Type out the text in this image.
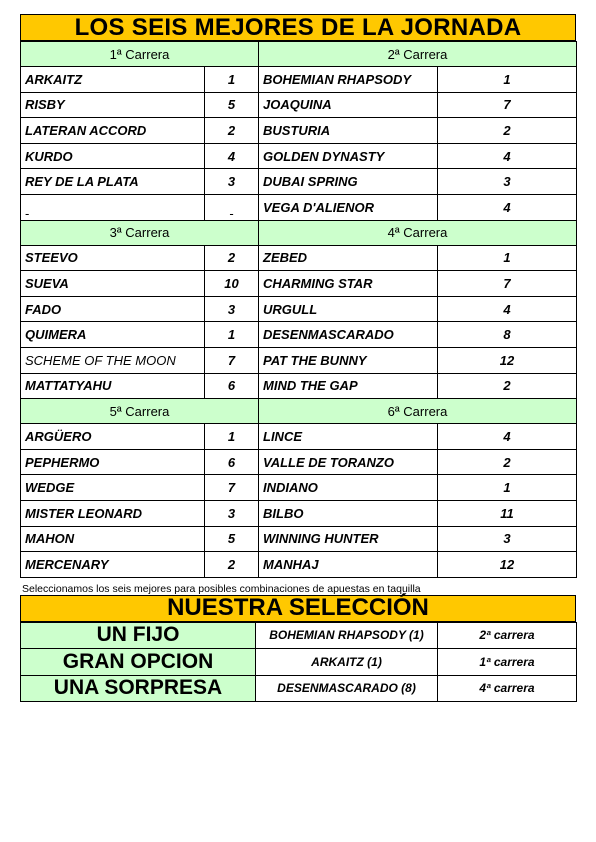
LOS SEIS MEJORES DE LA JORNADA
1ª Carrera		2ª Carrera	
ARKAITZ	1	BOHEMIAN RHAPSODY	1
RISBY	5	JOAQUINA	7
LATERAN ACCORD	2	BUSTURIA	2
KURDO	4	GOLDEN DYNASTY	4
REY DE LA PLATA	3	DUBAI SPRING	3
-	-	VEGA D'ALIENOR	4
3ª Carrera		4ª Carrera	
STEEVO	2	ZEBED	1
SUEVA	10	CHARMING STAR	7
FADO	3	URGULL	4
QUIMERA	1	DESENMASCARADO	8
SCHEME OF THE MOON	7	PAT THE BUNNY	12
MATTATYAHU	6	MIND THE GAP	2
5ª Carrera		6ª Carrera	
ARGÜERO	1	LINCE	4
PEPHERMO	6	VALLE DE TORANZO	2
WEDGE	7	INDIANO	1
MISTER LEONARD	3	BILBO	11
MAHON	5	WINNING HUNTER	3
MERCENARY	2	MANHAJ	12
Seleccionamos los seis mejores para posibles combinaciones de apuestas en taquilla
NUESTRA SELECCIÓN
UN FIJO	BOHEMIAN RHAPSODY (1)	2ª carrera
GRAN OPCION	ARKAITZ (1)	1ª carrera
UNA SORPRESA	DESENMASCARADO (8)	4ª carrera
